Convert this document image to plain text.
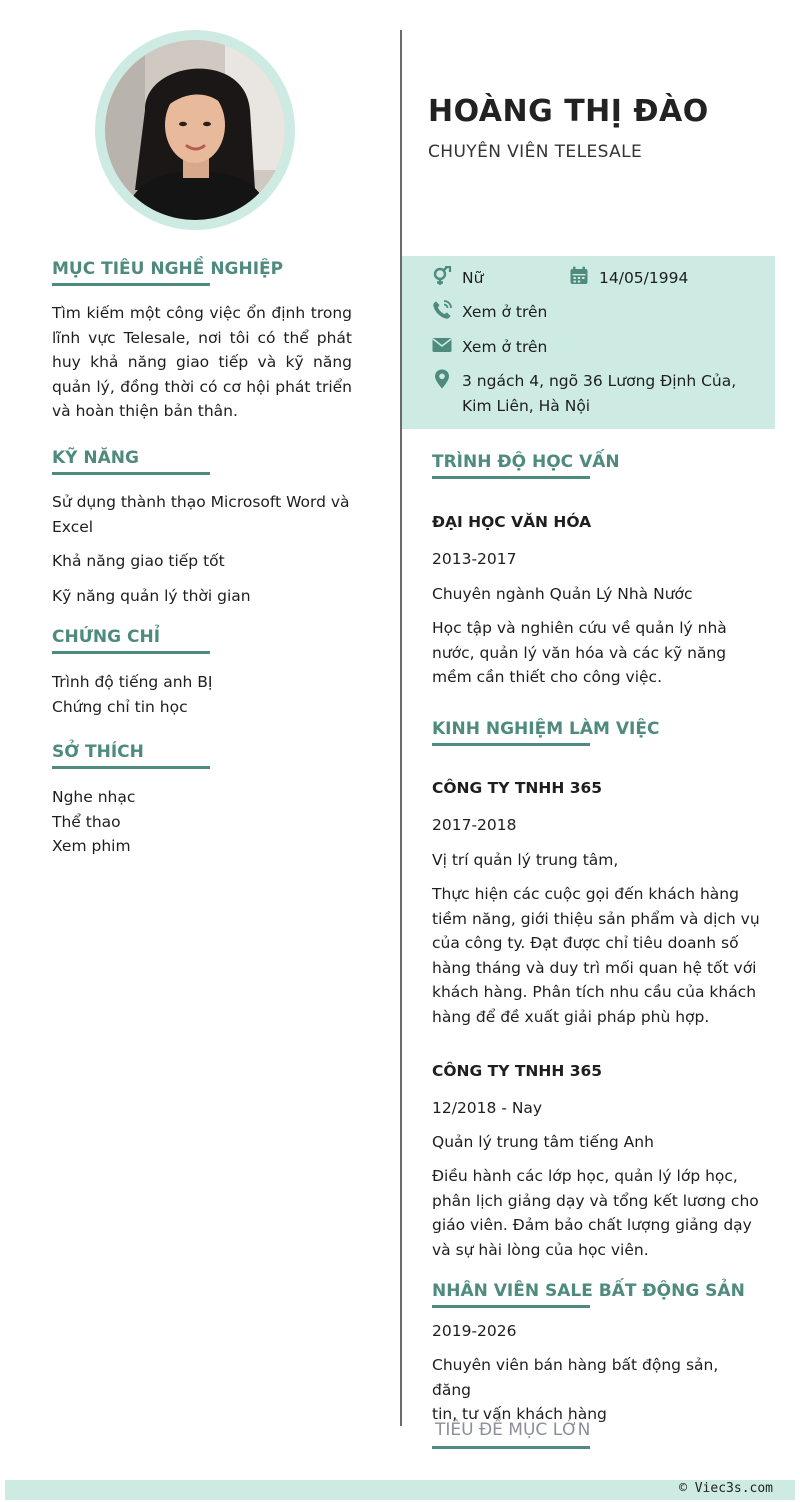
MỤC TIÊU NGHỀ NGHIỆP
Tìm kiếm một công việc ổn định trong
lĩnh vực Telesale, nơi tôi có thể phát
huy khả năng giao tiếp và kỹ năng
quản lý, đồng thời có cơ hội phát triển
và hoàn thiện bản thân.
KỸ NĂNG
Sử dụng thành thạo Microsoft Word và
Excel
Khả năng giao tiếp tốt
Kỹ năng quản lý thời gian
CHỨNG CHỈ
Trình độ tiếng anh BỊ
Chứng chỉ tin học
SỞ THÍCH
Nghe nhạc
Thể thao
Xem phim
HOÀNG THỊ ĐÀO
CHUYÊN VIÊN TELESALE
Nữ	14/05/1994
Xem ở trên
Xem ở trên
3 ngách 4, ngõ 36 Lương Định Của,
Kim Liên, Hà Nội
TRÌNH ĐỘ HỌC VẤN
ĐẠI HỌC VĂN HÓA
2013-2017
Chuyên ngành Quản Lý Nhà Nước
Học tập và nghiên cứu về quản lý nhà
nước, quản lý văn hóa và các kỹ năng
mềm cần thiết cho công việc.
KINH NGHIỆM LÀM VIỆC
CÔNG TY TNHH 365
2017-2018
Vị trí quản lý trung tâm,
Thực hiện các cuộc gọi đến khách hàng
tiềm năng, giới thiệu sản phẩm và dịch vụ
của công ty. Đạt được chỉ tiêu doanh số
hàng tháng và duy trì mối quan hệ tốt với
khách hàng. Phân tích nhu cầu của khách
hàng để đề xuất giải pháp phù hợp.
CÔNG TY TNHH 365
12/2018 - Nay
Quản lý trung tâm tiếng Anh
Điều hành các lớp học, quản lý lớp học,
phân lịch giảng dạy và tổng kết lương cho
giáo viên. Đảm bảo chất lượng giảng dạy
và sự hài lòng của học viên.
NHÂN VIÊN SALE BẤT ĐỘNG SẢN
2019-2026
Chuyên viên bán hàng bất động sản, đăng
tin, tư vấn khách hàng
TIÊU ĐỀ MỤC LỚN
© Viec3s.com
